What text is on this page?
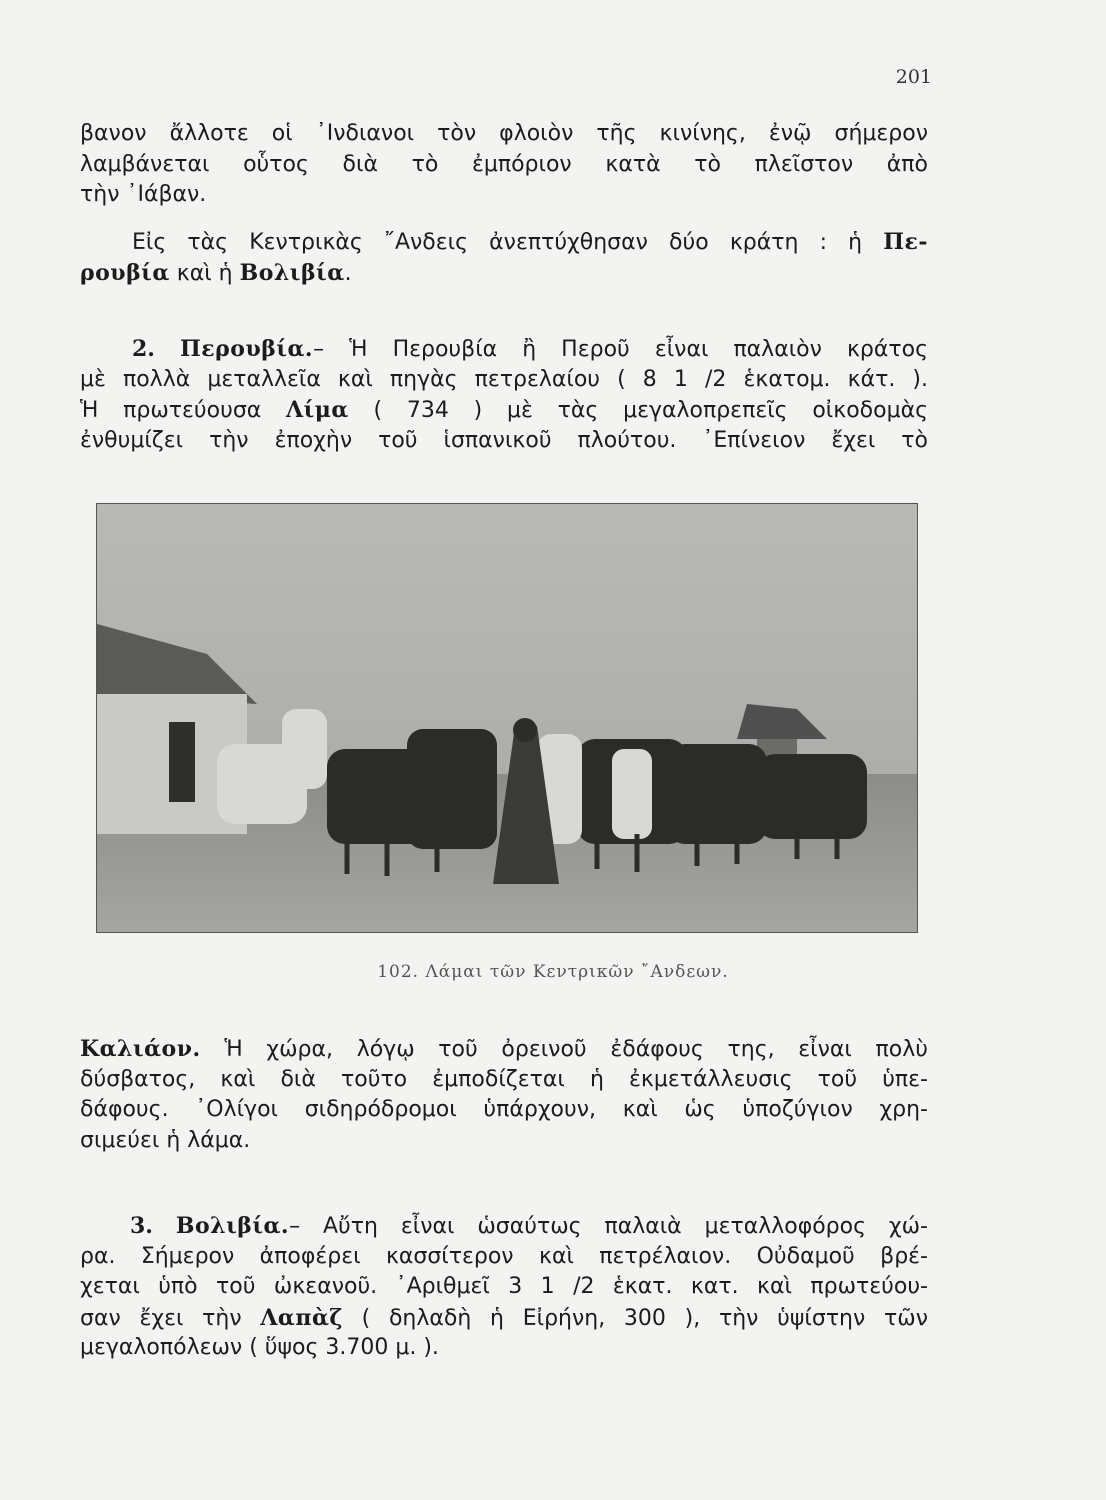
201
βανον ἄλλοτε οἱ ᾿Ινδιανοι τὸν φλοιὸν τῆς κινίνης, ἐνῷ σήμερον
λαμβάνεται οὗτος διὰ τὸ ἐμπόριον κατὰ τὸ πλεῖστον ἀπὸ
τὴν ᾿Ιάβαν.
Εἰς τὰς Κεντρικὰς ῎Ανδεις ἀνεπτύχθησαν δύο κράτη : ἡ Πε-
ρουβία καὶ ἡ Βολιβία.
2. Περουβία.– Ἡ Περουβία ἢ Περοῦ εἶναι παλαιὸν κράτος
μὲ πολλὰ μεταλλεῖα καὶ πηγὰς πετρελαίου ( 8 1 /2 ἑκατομ. κάτ. ).
Ἡ πρωτεύουσα Λίμα ( 734 ) μὲ τὰς μεγαλοπρεπεῖς οἰκοδομὰς
ἐνθυμίζει τὴν ἐποχὴν τοῦ ἱσπανικοῦ πλούτου. ᾿Επίνειον ἔχει τὸ
102. Λάμαι τῶν Κεντρικῶν ῎Ανδεων.
Καλιάον. Ἡ χώρα, λόγῳ τοῦ ὀρεινοῦ ἐδάφους της, εἶναι πολὺ
δύσβατος, καὶ διὰ τοῦτο ἐμποδίζεται ἡ ἐκμετάλλευσις τοῦ ὑπε-
δάφους. ᾿Ολίγοι σιδηρόδρομοι ὑπάρχουν, καὶ ὡς ὑποζύγιον χρη-
σιμεύει ἡ λάμα.
3. Βολιβία.– Αὔτη εἶναι ὡσαύτως παλαιὰ μεταλλοφόρος χώ-
ρα. Σήμερον ἀποφέρει κασσίτερον καὶ πετρέλαιον. Οὐδαμοῦ βρέ-
χεται ὑπὸ τοῦ ὠκεανοῦ. ᾿Αριθμεῖ 3 1 /2 ἑκατ. κατ. καὶ πρωτεύου-
σαν ἔχει τὴν Λαπὰζ ( δηλαδὴ ἡ Εἰρήνη, 300 ), τὴν ὑψίστην τῶν
μεγαλοπόλεων ( ὕψος 3.700 μ. ).
